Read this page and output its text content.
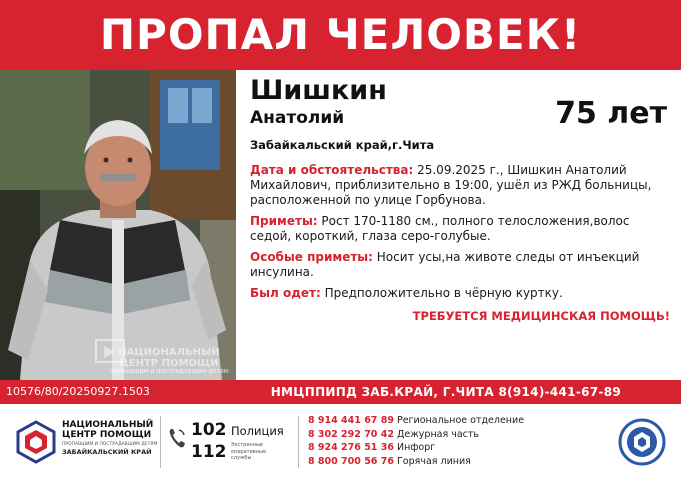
ПРОПАЛ ЧЕЛОВЕК!
НАЦИОНАЛЬНЫЙ
ЦЕНТР ПОМОЩИ
ПРОПАВШИМ И ПОСТРАДАВШИМ ДЕТЯМ
Шишкин
Анатолий
Забайкальский край,г.Чита
75 лет
Дата и обстоятельства: 25.09.2025 г., Шишкин Анатолий Михайлович, приблизительно в 19:00, ушёл из РЖД больницы, расположенной по улице Горбунова.
Приметы: Рост 170-1180 см., полного телосложения,волос седой, короткий, глаза серо-голубые.
Особые приметы: Носит усы,на животе следы от инъекций инсулина.
Был одет: Предположительно в чёрную куртку.
ТРЕБУЕТСЯ МЕДИЦИНСКАЯ ПОМОЩЬ!
10576/80/20250927.1503	НМЦППИПД ЗАБ.КРАЙ, Г.ЧИТА 8(914)-441-67-89
НАЦИОНАЛЬНЫЙ
ЦЕНТР ПОМОЩИ
ПРОПАВШИМ И ПОСТРАДАВШИМ ДЕТЯМ
ЗАБАЙКАЛЬСКИЙ КРАЙ
102 Полиция
112 Экстренные оперативные службы
8 914 441 67 89 Региональное отделение
8 302 292 70 42 Дежурная часть
8 924 276 51 36 Инфорг
8 800 700 56 76 Горячая линия
